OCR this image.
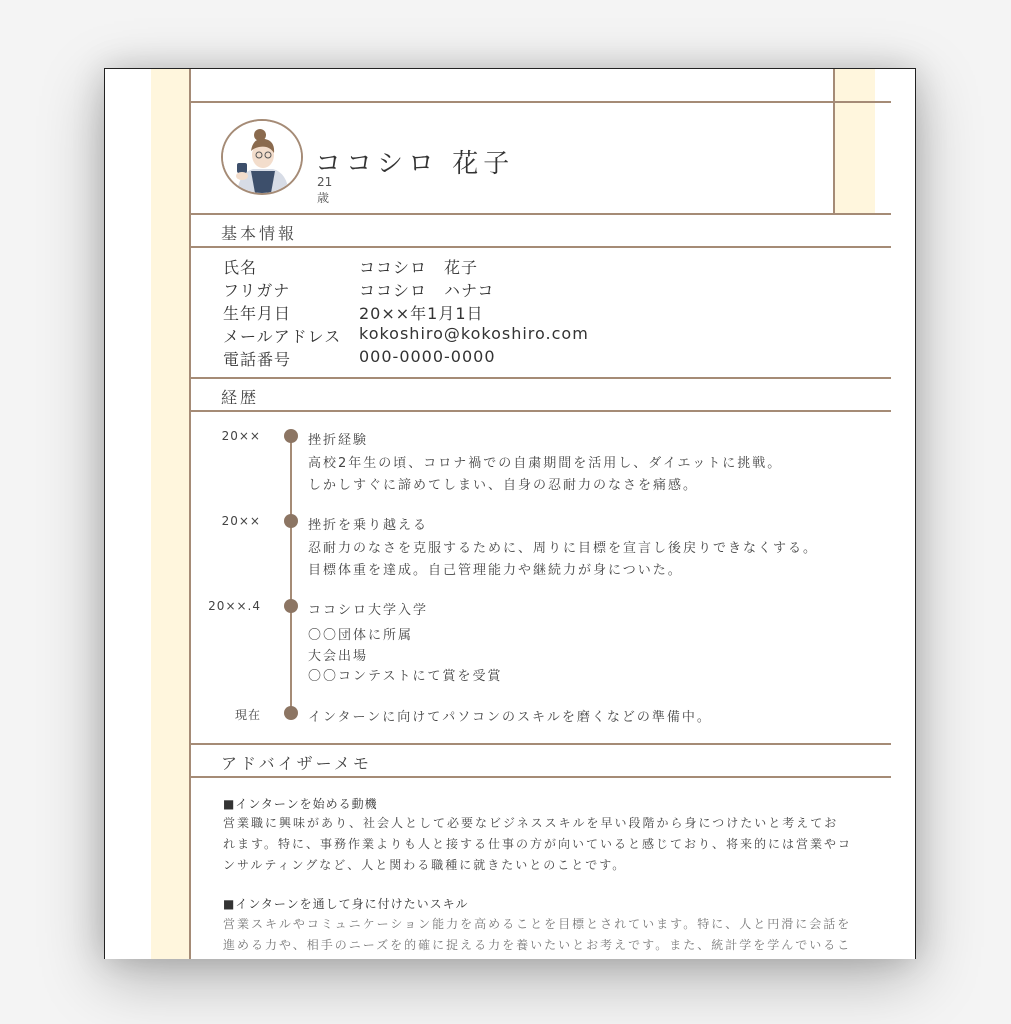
ココシロ 花子
21歳
基本情報
氏名	ココシロ　花子
フリガナ	ココシロ　ハナコ
生年月日	20××年1月1日
メールアドレス	kokoshiro@kokoshiro.com
電話番号	000-0000-0000
経歴
20××	挫折経験
高校2年生の頃、コロナ禍での自粛期間を活用し、ダイエットに挑戦。
しかしすぐに諦めてしまい、自身の忍耐力のなさを痛感。
20××	挫折を乗り越える
忍耐力のなさを克服するために、周りに目標を宣言し後戻りできなくする。
目標体重を達成。自己管理能力や継続力が身についた。
20××.4	ココシロ大学入学
〇〇団体に所属
大会出場
〇〇コンテストにて賞を受賞
現在	インターンに向けてパソコンのスキルを磨くなどの準備中。
アドバイザーメモ
■インターンを始める動機
営業職に興味があり、社会人として必要なビジネススキルを早い段階から身につけたいと考えてお
れます。特に、事務作業よりも人と接する仕事の方が向いていると感じており、将来的には営業やコ
ンサルティングなど、人と関わる職種に就きたいとのことです。
■インターンを通して身に付けたいスキル
営業スキルやコミュニケーション能力を高めることを目標とされています。特に、人と円滑に会話を
進める力や、相手のニーズを的確に捉える力を養いたいとお考えです。また、統計学を学んでいるこ
